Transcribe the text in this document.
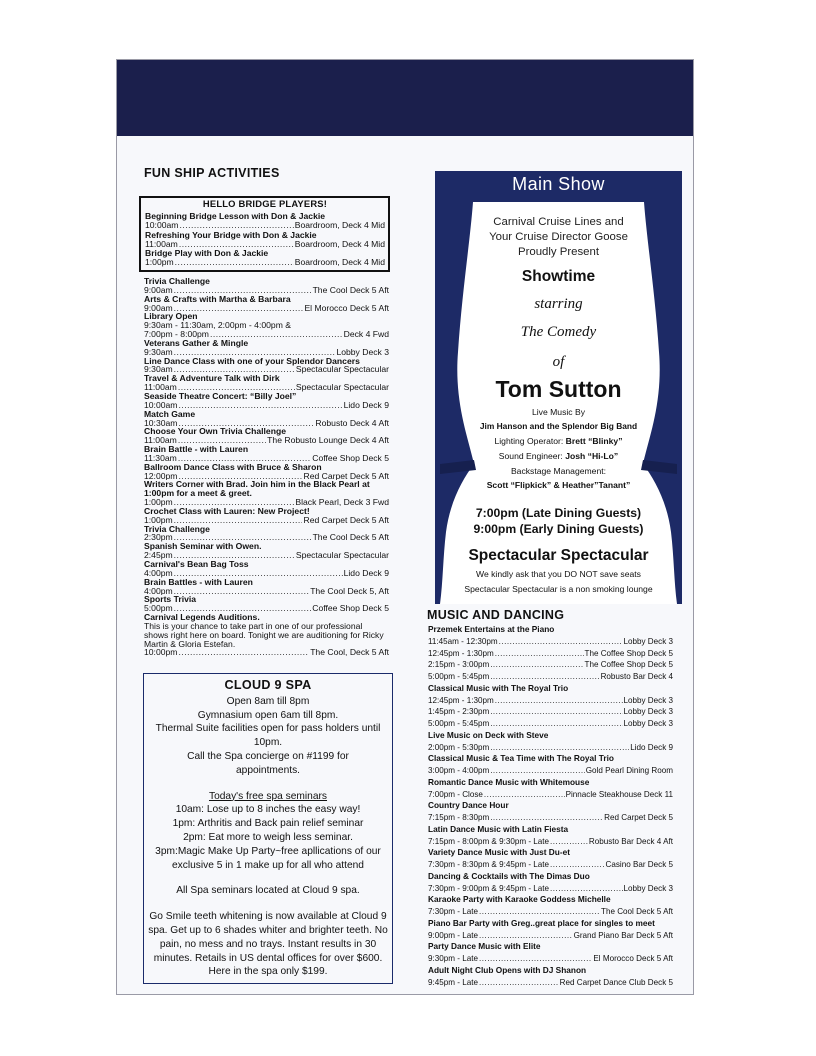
FUN SHIP ACTIVITIES
HELLO BRIDGE PLAYERS!
Beginning Bridge Lesson with Don & Jackie
10:00am .....	Boardroom, Deck 4 Mid
Refreshing Your Bridge with Don & Jackie
11:00am .....	Boardroom, Deck 4 Mid
Bridge Play with Don & Jackie
1:00pm .....	Boardroom, Deck 4 Mid
Trivia Challenge
9:00am .....	The Cool Deck 5 Aft
Arts & Crafts with Martha & Barbara
9:00am .....	El Morocco Deck 5 Aft
Library Open
9:30am - 11:30am, 2:00pm - 4:00pm &
7:00pm - 8:00pm .....	Deck 4 Fwd
Veterans Gather & Mingle
9:30am .....	Lobby Deck 3
Line Dance Class with one of your Splendor Dancers
9:30am .....	Spectacular Spectacular
Travel & Adventure Talk with Dirk
11:00am .....	Spectacular Spectacular
Seaside Theatre Concert: “Billy Joel”
10:00am .....	Lido Deck 9
Match Game
10:30am .....	Robusto Deck 4 Aft
Choose Your Own Trivia Challenge
11:00am .....	The Robusto Lounge Deck 4 Aft
Brain Battle - with Lauren
11:30am .....	Coffee Shop Deck 5
Ballroom Dance Class with Bruce & Sharon
12:00pm .....	Red Carpet Deck 5 Aft
Writers Corner with Brad. Join him in the Black Pearl at 1:00pm for a meet & greet.
1:00pm .....	Black Pearl, Deck 3 Fwd
Crochet Class with Lauren: New Project!
1:00pm .....	Red Carpet Deck 5 Aft
Trivia Challenge
2:30pm .....	The Cool Deck 5 Aft
Spanish Seminar with Owen.
2:45pm .....	Spectacular Spectacular
Carnival's Bean Bag Toss
4:00pm .....	Lido Deck 9
Brain Battles - with Lauren
4:00pm .....	The Cool Deck 5, Aft
Sports Trivia
5:00pm .....	Coffee Shop Deck 5
Carnival Legends Auditions.
This is your chance to take part in one of our professional shows right here on board. Tonight we are auditioning for Ricky Martin & Gloria Estefan.
10:00pm .....	The Cool, Deck 5 Aft
CLOUD 9 SPA
Open 8am till 8pm
Gymnasium open 6am till 8pm.
Thermal Suite facilities open for pass holders until 10pm.
Call the Spa concierge on #1199 for appointments.
Today's free spa seminars
10am: Lose up to 8 inches the easy way!
1pm: Arthritis and Back pain relief seminar
2pm: Eat more to weigh less seminar.
3pm:Magic Make Up Party~free apllications of our exclusive 5 in 1 make up for all who attend
All Spa seminars located at Cloud 9 spa.
Go Smile teeth whitening is now available at Cloud 9 spa. Get up to 6 shades whiter and brighter teeth. No pain, no mess and no trays. Instant results in 30 minutes. Retails in US dental offices for over $600. Here in the spa only $199.
Main Show
Carnival Cruise Lines and
Your Cruise Director Goose
Proudly Present
Showtime
starring
The Comedy
of
Tom Sutton
Live Music By
Jim Hanson and the Splendor Big Band
Lighting Operator: Brett “Blinky”
Sound Engineer: Josh “Hi-Lo”
Backstage Management:
Scott “Flipkick” & Heather”Tanant”
7:00pm (Late Dining Guests)
9:00pm (Early Dining Guests)
Spectacular Spectacular
We kindly ask that you DO NOT save seats
Spectacular Spectacular is a non smoking lounge
MUSIC AND DANCING
Przemek Entertains at the Piano
11:45am - 12:30pm .....	Lobby Deck 3
12:45pm - 1:30pm .....	The Coffee Shop Deck 5
2:15pm - 3:00pm .....	The Coffee Shop Deck 5
5:00pm - 5:45pm .....	Robusto Bar Deck 4
Classical Music with The Royal Trio
12:45pm - 1:30pm .....	Lobby Deck 3
1:45pm - 2:30pm .....	Lobby Deck 3
5:00pm - 5:45pm .....	Lobby Deck 3
Live Music on Deck with Steve
2:00pm - 5:30pm .....	Lido Deck 9
Classical Music & Tea Time with The Royal Trio
3:00pm - 4:00pm .....	Gold Pearl Dining Room
Romantic Dance Music with Whitemouse
7:00pm - Close .....	Pinnacle Steakhouse Deck 11
Country Dance Hour
7:15pm - 8:30pm .....	Red Carpet Deck 5
Latin Dance Music with Latin Fiesta
7:15pm - 8:00pm & 9:30pm - Late .....	Robusto Bar Deck 4 Aft
Variety Dance Music with Just Du-et
7:30pm - 8:30pm & 9:45pm - Late .....	Casino Bar Deck 5
Dancing & Cocktails with The Dimas Duo
7:30pm - 9:00pm & 9:45pm - Late .....	Lobby Deck 3
Karaoke Party with Karaoke Goddess Michelle
7:30pm - Late .....	The Cool Deck 5 Aft
Piano Bar Party with Greg..great place for singles to meet
9:00pm - Late .....	Grand Piano Bar Deck 5 Aft
Party Dance Music with Elite
9:30pm - Late .....	El Morocco Deck 5 Aft
Adult Night Club Opens with DJ Shanon
9:45pm - Late .....	Red Carpet Dance Club Deck 5
